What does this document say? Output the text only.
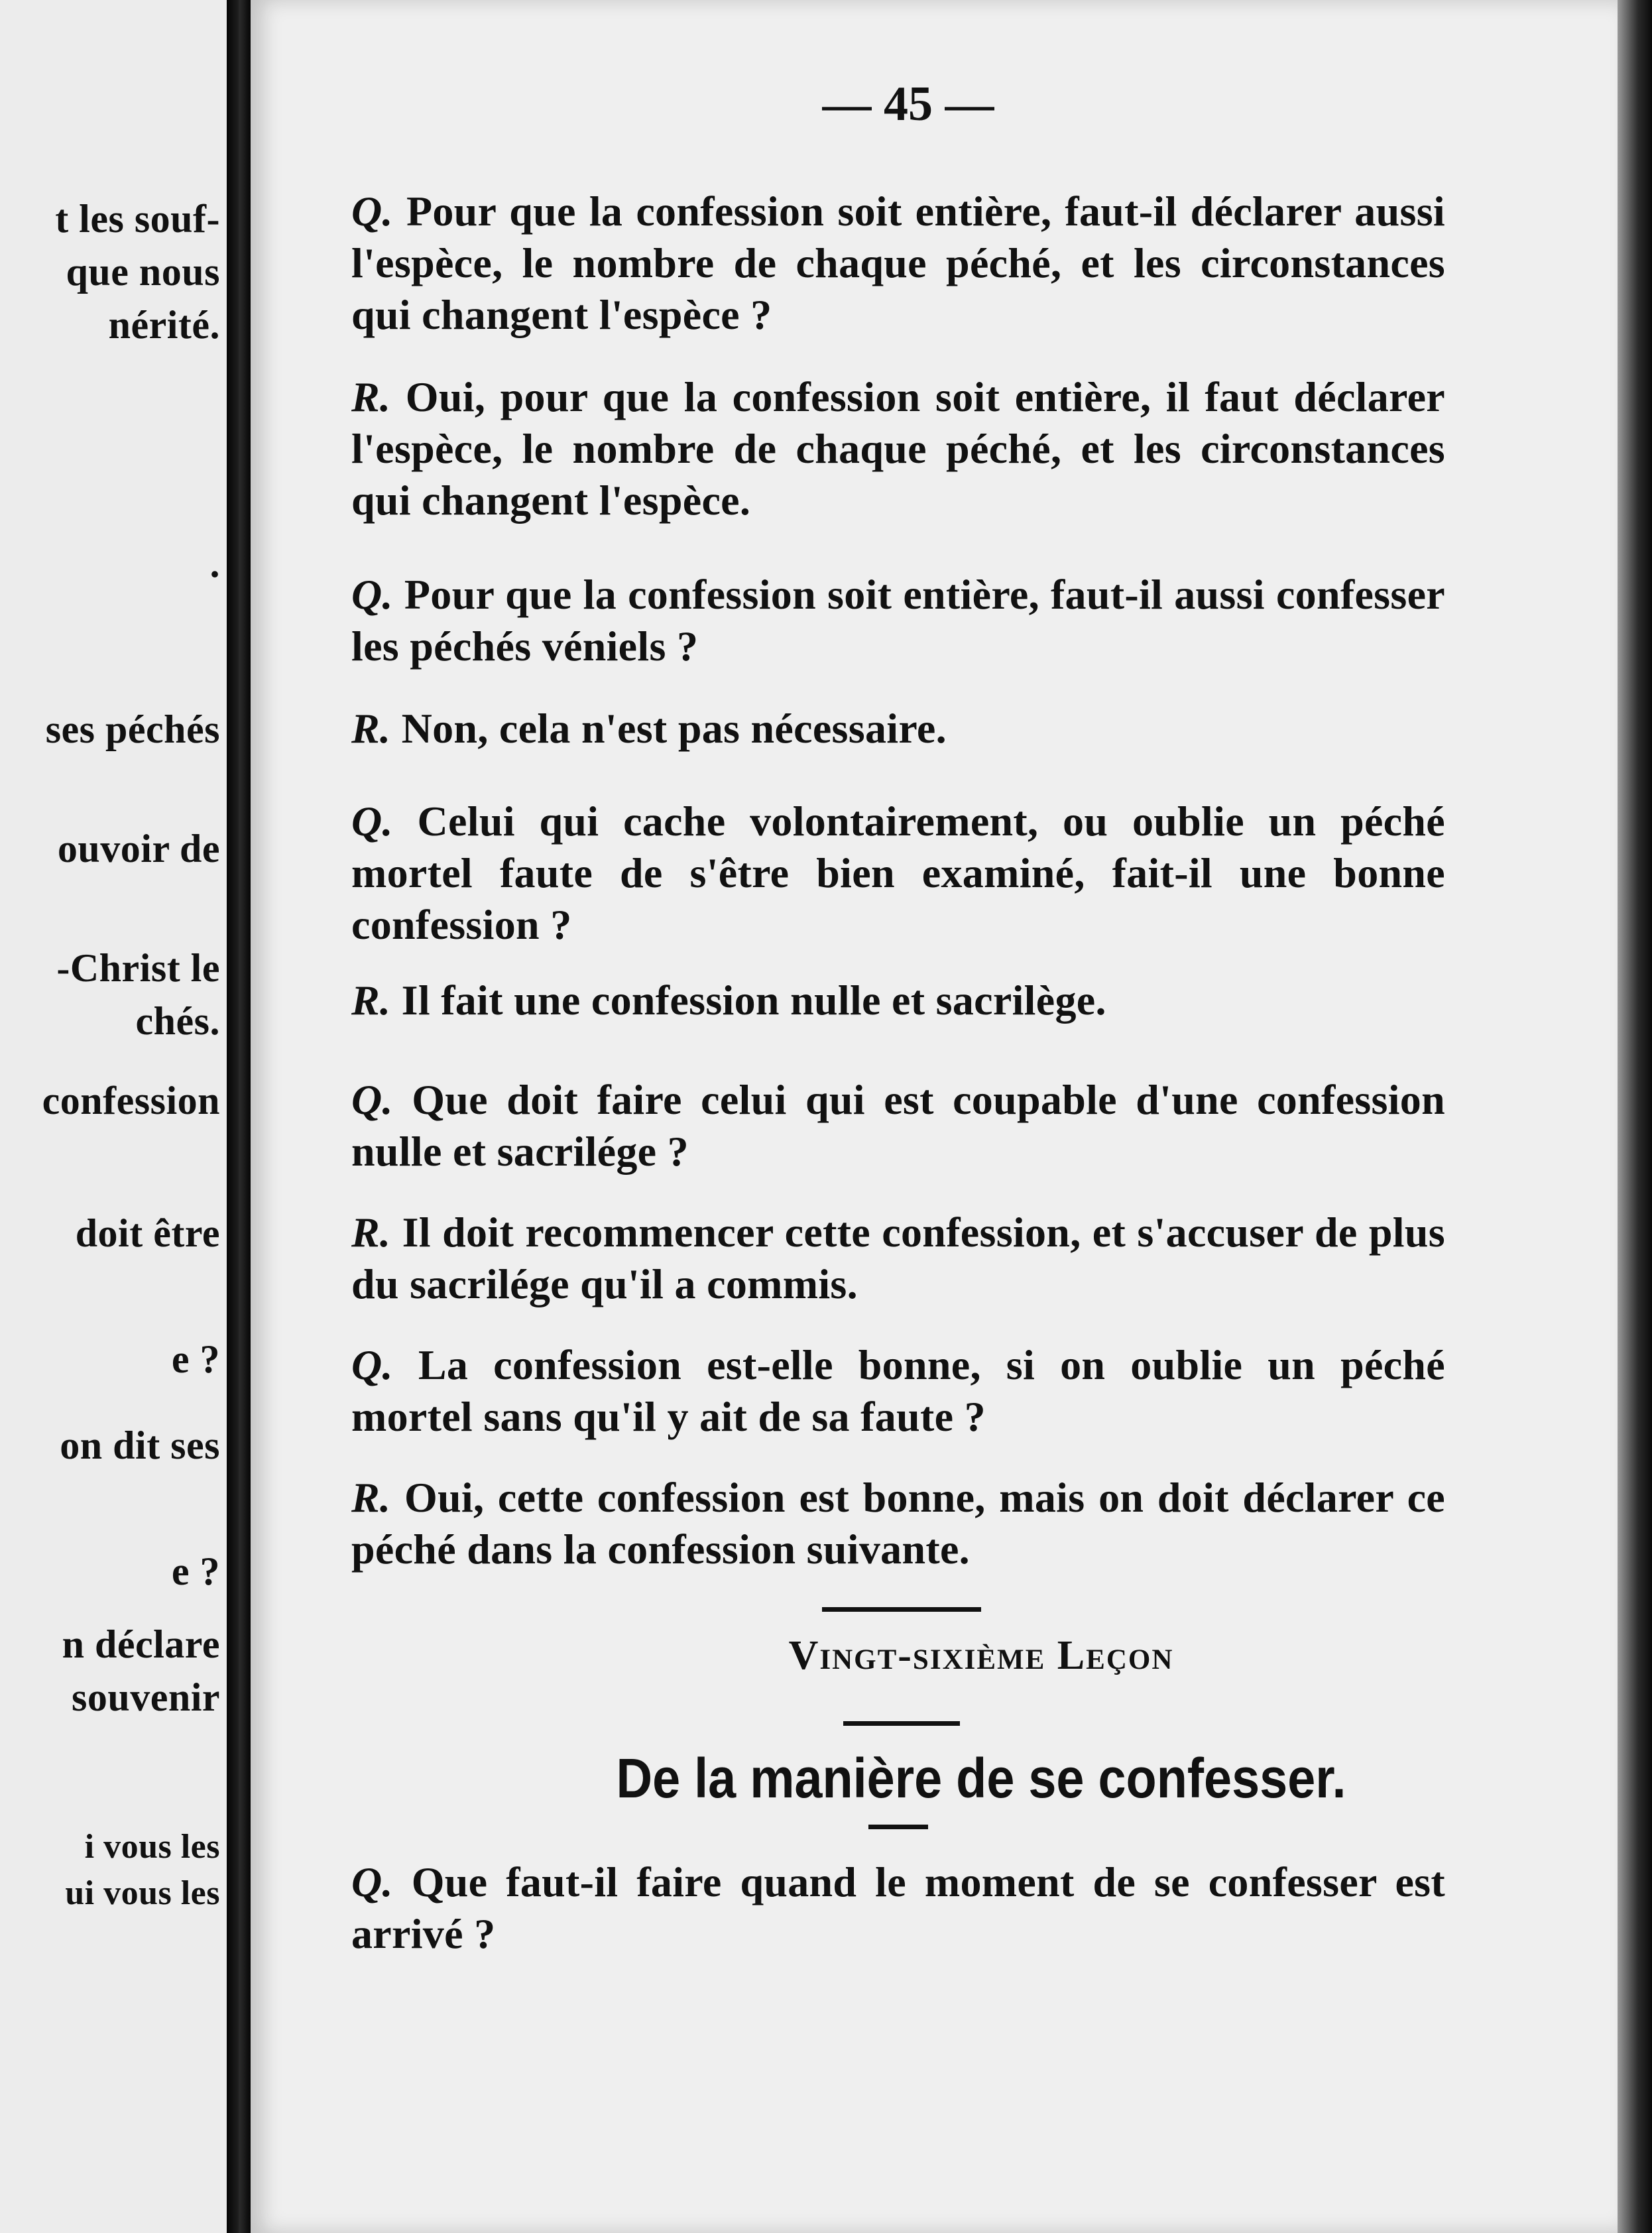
t les souf-
que nous
nérité.
.
ses péchés
ouvoir de
-Christ le
chés.
confession
doit être
e ?
on dit ses
e ?
n déclare
souvenir
i vous les
ui vous les
— 45 —
Q. Pour que la confession soit entière, faut-il déclarer aussi l'espèce, le nombre de chaque péché, et les circonstances qui changent l'espèce ?
R. Oui, pour que la confession soit entière, il faut déclarer l'espèce, le nombre de chaque péché, et les circonstances qui changent l'espèce.
Q. Pour que la confession soit entière, faut-il aussi confesser les péchés véniels ?
R. Non, cela n'est pas nécessaire.
Q. Celui qui cache volontairement, ou oublie un péché mortel faute de s'être bien examiné, fait-il une bonne confession ?
R. Il fait une confession nulle et sacrilège.
Q. Que doit faire celui qui est coupable d'une confession nulle et sacrilége ?
R. Il doit recommencer cette confession, et s'accuser de plus du sacrilége qu'il a commis.
Q. La confession est-elle bonne, si on oublie un péché mortel sans qu'il y ait de sa faute ?
R. Oui, cette confession est bonne, mais on doit déclarer ce péché dans la confession suivante.
Vingt-sixième Leçon
De la manière de se confesser.
Q. Que faut-il faire quand le moment de se confesser est arrivé ?
